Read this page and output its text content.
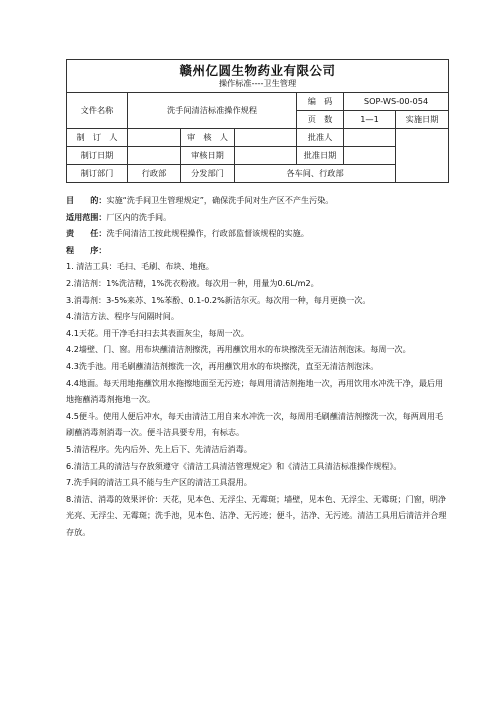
赣州亿圆生物药业有限公司
操作标准----卫生管理						

文件名称	洗手间清洁标准操作规程			编　码	SOP-WS-00-054	
				页　数	1—1	实施日期
制　订　人		审　核　人		批准人		
制订日期		审核日期		批准日期		
制订部门	行政部	分发部门	各车间、行政部			

目　　的：实施“洗手间卫生管理规定”，确保洗手间对生产区不产生污染。

适用范围：厂区内的洗手间。

责　　任：洗手间清洁工按此规程操作，行政部监督该规程的实施。

程　　序：

1. 清洁工具：毛扫、毛刷、布块、地拖。

2.清洁剂：1%洗洁精，1%洗衣粉液。每次用一种，用量为0.6L/m2。

3.消毒剂：3-5%来苏、1%苯酚、0.1-0.2%新洁尔灭。每次用一种，每月更换一次。

4.清洁方法、程序与间隔时间。

4.1天花。用干净毛扫扫去其表面灰尘，每周一次。

4.2墙壁、门、窗。用布块蘸清洁剂擦洗，再用蘸饮用水的布块擦洗至无清洁剂泡沫。每周一次。

4.3洗手池。用毛刷蘸清洁剂擦洗一次，再用蘸饮用水的布块擦洗，直至无清洁剂泡沫。

4.4地面。每天用地拖蘸饮用水拖擦地面至无污迹；每周用清洁剂拖地一次，再用饮用水冲洗干净，最后用地拖蘸消毒剂拖地一次。

4.5便斗。使用人便后冲水，每天由清洁工用自来水冲洗一次，每周用毛刷蘸清洁剂擦洗一次，每两周用毛刷蘸消毒剂消毒一次。便斗洁具要专用，有标志。

5.清洁程序。先内后外、先上后下、先清洁后消毒。

6.清洁工具的清洁与存放须遵守《清洁工具清洁管理规定》和《清洁工具清洁标准操作规程》。

7.洗手间的清洁工具不能与生产区的清洁工具混用。

8.清洁、消毒的效果评价：天花，见本色、无浮尘、无霉斑；墙壁，见本色、无浮尘、无霉斑；门窗，明净光亮、无浮尘、无霉斑；洗手池，见本色、洁净、无污迹；便斗，洁净、无污迹。清洁工具用后清洁并合理存放。
